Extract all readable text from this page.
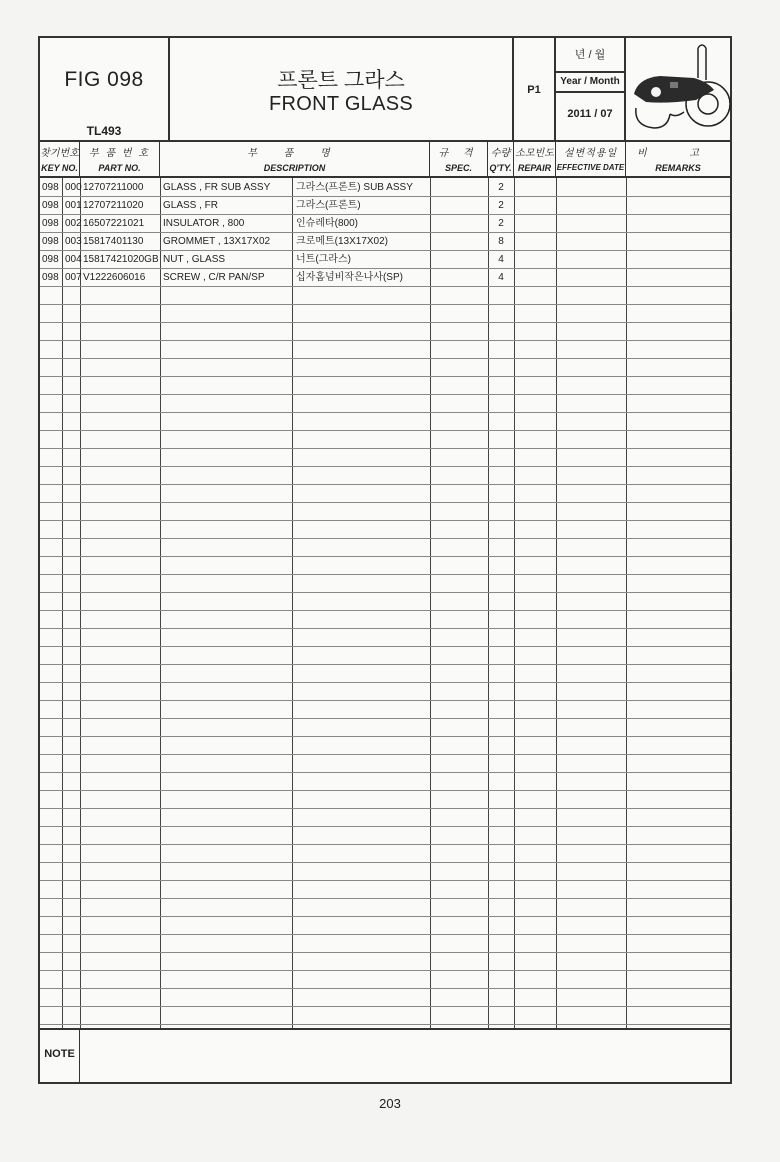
FIG 098
TL493
프론트 그라스
FRONT GLASS
P1
년 / 월
Year / Month
2011 / 07
찾기번호
KEY NO.
부 품 번 호
PART NO.
부 품 명
DESCRIPTION
규 격
SPEC.
수량
Q'TY.
소모빈도
REPAIR
설변적용일
EFFECTIVE DATE
비 고
REMARKS
098 000 12707211000	GLASS , FR SUB ASSY	그라스(프론트) SUB ASSY	2
098 001 12707211020	GLASS , FR	그라스(프론트)	2
098 002 16507221021	INSULATOR , 800	인슈레타(800)	2
098 003 15817401130	GROMMET , 13X17X02	크로메트(13X17X02)	8
098 004 15817421020GB NUT , GLASS	너트(그라스)	4
098 007 V1222606016	SCREW , C/R PAN/SP	십자홈넘비작은나사(SP)	4
NOTE
203
